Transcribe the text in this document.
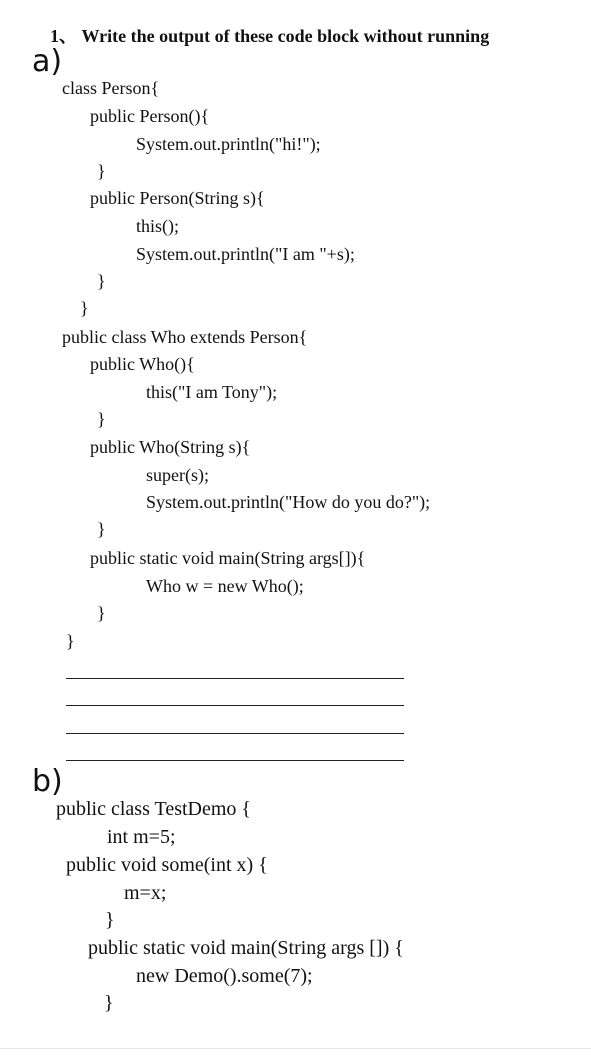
1、 Write the output of these code block without running
a)

class Person{

public Person(){

System.out.println("hi!");

}

public Person(String s){

this();

System.out.println("I am "+s);

}

}

public class Who extends Person{

public Who(){

this("I am Tony");

}

public Who(String s){

super(s);

System.out.println("How do you do?");

}

public static void main(String args[]){

Who w = new Who();

}

}

b)

public class TestDemo {

int m=5;

public void some(int x) {

m=x;

}

public static void main(String args []) {

new Demo().some(7);

}
